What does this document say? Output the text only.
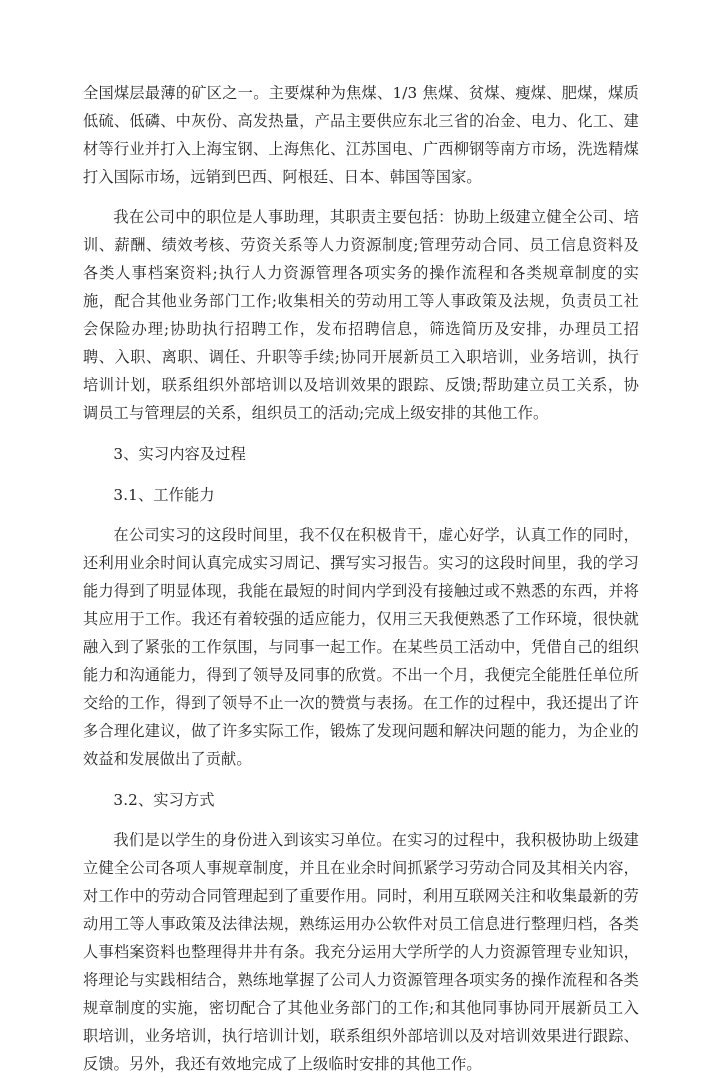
全国煤层最薄的矿区之一。主要煤种为焦煤、1/3 焦煤、贫煤、瘦煤、肥煤，煤质低硫、低磷、中灰份、高发热量，产品主要供应东北三省的冶金、电力、化工、建材等行业并打入上海宝钢、上海焦化、江苏国电、广西柳钢等南方市场，洗选精煤打入国际市场，远销到巴西、阿根廷、日本、韩国等国家。

我在公司中的职位是人事助理，其职责主要包括：协助上级建立健全公司、培训、薪酬、绩效考核、劳资关系等人力资源制度;管理劳动合同、员工信息资料及各类人事档案资料;执行人力资源管理各项实务的操作流程和各类规章制度的实施，配合其他业务部门工作;收集相关的劳动用工等人事政策及法规，负责员工社会保险办理;协助执行招聘工作，发布招聘信息，筛选简历及安排，办理员工招聘、入职、离职、调任、升职等手续;协同开展新员工入职培训，业务培训，执行培训计划，联系组织外部培训以及培训效果的跟踪、反馈;帮助建立员工关系，协调员工与管理层的关系，组织员工的活动;完成上级安排的其他工作。

3、实习内容及过程

3.1、工作能力

在公司实习的这段时间里，我不仅在积极肯干，虚心好学，认真工作的同时，还利用业余时间认真完成实习周记、撰写实习报告。实习的这段时间里，我的学习能力得到了明显体现，我能在最短的时间内学到没有接触过或不熟悉的东西，并将其应用于工作。我还有着较强的适应能力，仅用三天我便熟悉了工作环境，很快就融入到了紧张的工作氛围，与同事一起工作。在某些员工活动中，凭借自己的组织能力和沟通能力，得到了领导及同事的欣赏。不出一个月，我便完全能胜任单位所交给的工作，得到了领导不止一次的赞赏与表扬。在工作的过程中，我还提出了许多合理化建议，做了许多实际工作，锻炼了发现问题和解决问题的能力，为企业的效益和发展做出了贡献。

3.2、实习方式

我们是以学生的身份进入到该实习单位。在实习的过程中，我积极协助上级建立健全公司各项人事规章制度，并且在业余时间抓紧学习劳动合同及其相关内容，对工作中的劳动合同管理起到了重要作用。同时，利用互联网关注和收集最新的劳动用工等人事政策及法律法规，熟练运用办公软件对员工信息进行整理归档，各类人事档案资料也整理得井井有条。我充分运用大学所学的人力资源管理专业知识，将理论与实践相结合，熟练地掌握了公司人力资源管理各项实务的操作流程和各类规章制度的实施，密切配合了其他业务部门的工作;和其他同事协同开展新员工入职培训，业务培训，执行培训计划，联系组织外部培训以及对培训效果进行跟踪、反馈。另外，我还有效地完成了上级临时安排的其他工作。
